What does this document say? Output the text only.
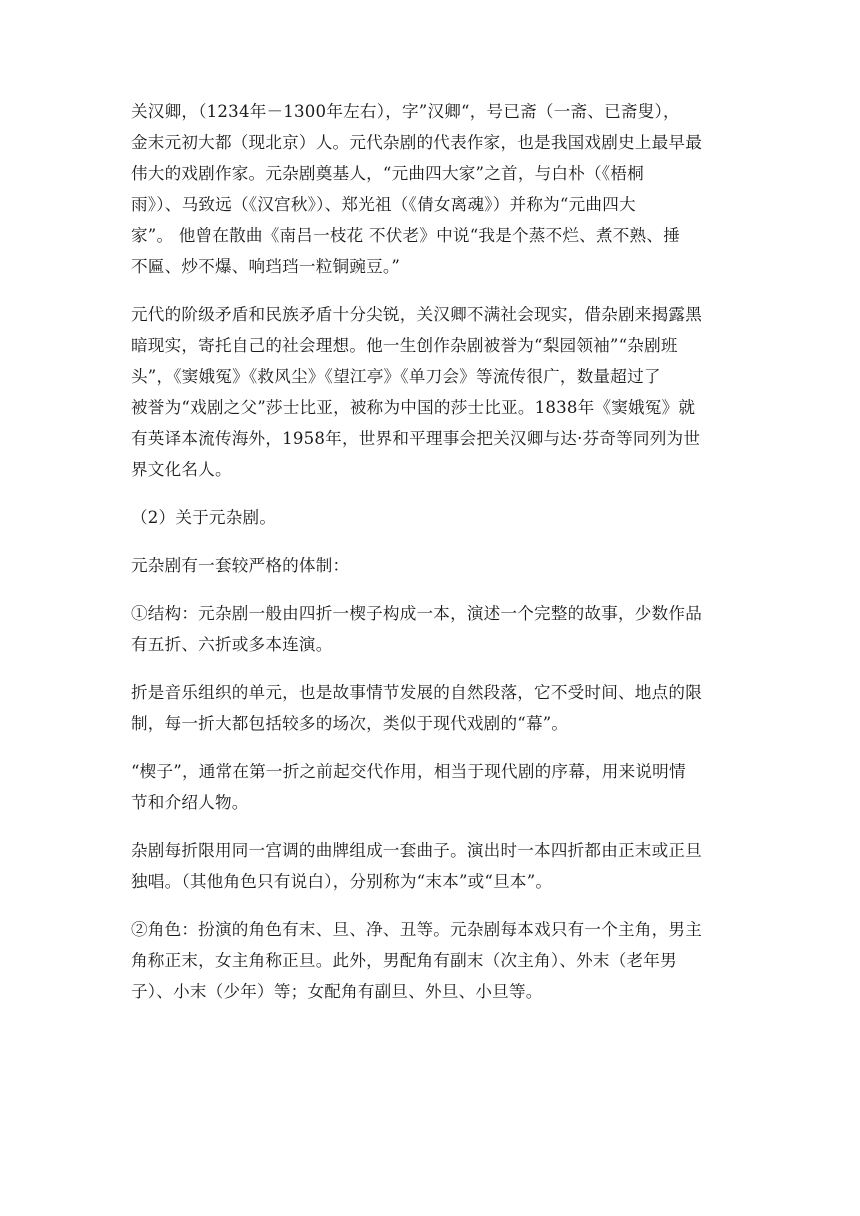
关汉卿，（1234年－1300年左右），字”汉卿“，号已斋（一斋、已斋叟），
金末元初大都（现北京）人。元代杂剧的代表作家，也是我国戏剧史上最早最
伟大的戏剧作家。元杂剧奠基人，“元曲四大家”之首，与白朴（《梧桐
雨》）、马致远（《汉宫秋》）、郑光祖（《倩女离魂》）并称为“元曲四大
家”。 他曾在散曲《南吕一枝花 不伏老》中说“我是个蒸不烂、煮不熟、捶
不匾、炒不爆、响珰珰一粒铜豌豆。”

元代的阶级矛盾和民族矛盾十分尖锐，关汉卿不满社会现实，借杂剧来揭露黑
暗现实，寄托自己的社会理想。他一生创作杂剧被誉为“梨园领袖”“杂剧班
头”，《窦娥冤》《救风尘》《望江亭》《单刀会》等流传很广，数量超过了
被誉为“戏剧之父”莎士比亚，被称为中国的莎士比亚。1838年《窦娥冤》就
有英译本流传海外，1958年，世界和平理事会把关汉卿与达·芬奇等同列为世
界文化名人。

（2）关于元杂剧。

元杂剧有一套较严格的体制：

①结构：元杂剧一般由四折一楔子构成一本，演述一个完整的故事，少数作品
有五折、六折或多本连演。

折是音乐组织的单元，也是故事情节发展的自然段落，它不受时间、地点的限
制，每一折大都包括较多的场次，类似于现代戏剧的“幕”。

“楔子”，通常在第一折之前起交代作用，相当于现代剧的序幕，用来说明情
节和介绍人物。

杂剧每折限用同一宫调的曲牌组成一套曲子。演出时一本四折都由正末或正旦
独唱。（其他角色只有说白），分别称为“末本”或“旦本”。

②角色：扮演的角色有末、旦、净、丑等。元杂剧每本戏只有一个主角，男主
角称正末，女主角称正旦。此外，男配角有副末（次主角）、外末（老年男
子）、小末（少年）等；女配角有副旦、外旦、小旦等。
